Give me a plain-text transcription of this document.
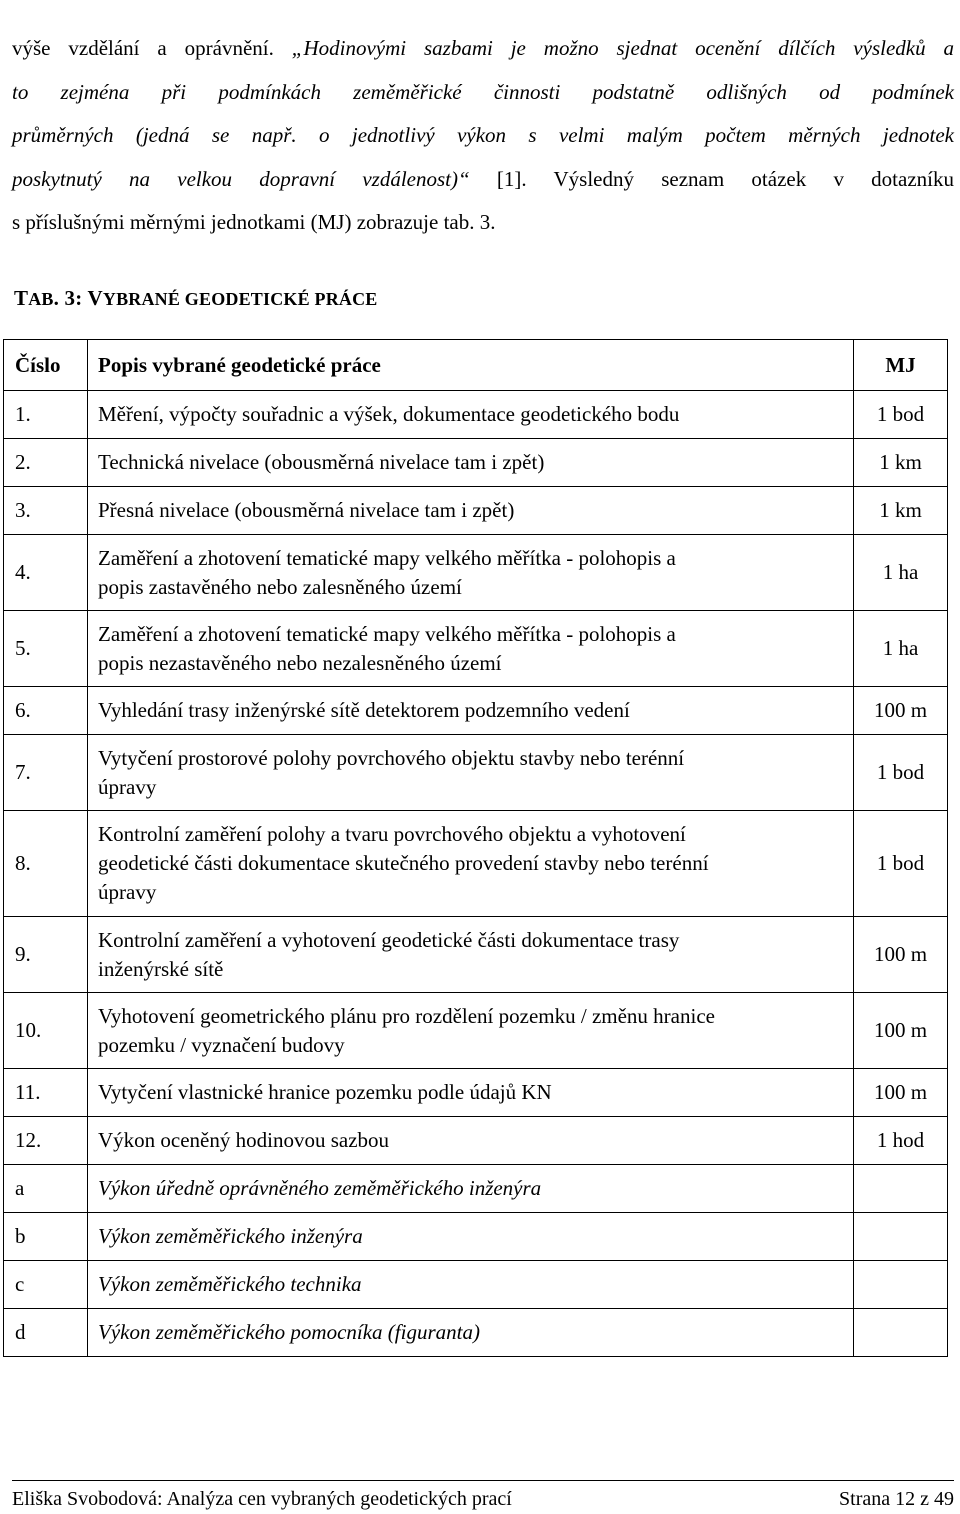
výše vzdělání a oprávnění. „Hodinovými sazbami je možno sjednat ocenění dílčích výsledků a
to zejména při podmínkách zeměměřické činnosti podstatně odlišných od podmínek
průměrných (jedná se např. o jednotlivý výkon s velmi malým počtem měrných jednotek
poskytnutý na velkou dopravní vzdálenost)“ [1]. Výsledný seznam otázek v dotazníku
s příslušnými měrnými jednotkami (MJ) zobrazuje tab. 3.
TAB. 3: VYBRANÉ GEODETICKÉ PRÁCE
Číslo	Popis vybrané geodetické práce	MJ
1.	Měření, výpočty souřadnic a výšek, dokumentace geodetického bodu	1 bod
2.	Technická nivelace (obousměrná nivelace tam i zpět)	1 km
3.	Přesná nivelace (obousměrná nivelace tam i zpět)	1 km
4.	Zaměření a zhotovení tematické mapy velkého měřítka - polohopis a
popis zastavěného nebo zalesněného území	1 ha
5.	Zaměření a zhotovení tematické mapy velkého měřítka - polohopis a
popis nezastavěného nebo nezalesněného území	1 ha
6.	Vyhledání trasy inženýrské sítě detektorem podzemního vedení	100 m
7.	Vytyčení prostorové polohy povrchového objektu stavby nebo terénní
úpravy	1 bod
8.	Kontrolní zaměření polohy a tvaru povrchového objektu a vyhotovení
geodetické části dokumentace skutečného provedení stavby nebo terénní
úpravy	1 bod
9.	Kontrolní zaměření a vyhotovení geodetické části dokumentace trasy
inženýrské sítě	100 m
10.	Vyhotovení geometrického plánu pro rozdělení pozemku / změnu hranice
pozemku / vyznačení budovy	100 m
11.	Vytyčení vlastnické hranice pozemku podle údajů KN	100 m
12.	Výkon oceněný hodinovou sazbou	1 hod
a	Výkon úředně oprávněného zeměměřického inženýra	
b	Výkon zeměměřického inženýra	
c	Výkon zeměměřického technika	
d	Výkon zeměměřického pomocníka (figuranta)	
Eliška Svobodová: Analýza cen vybraných geodetických prací	Strana 12 z 49
